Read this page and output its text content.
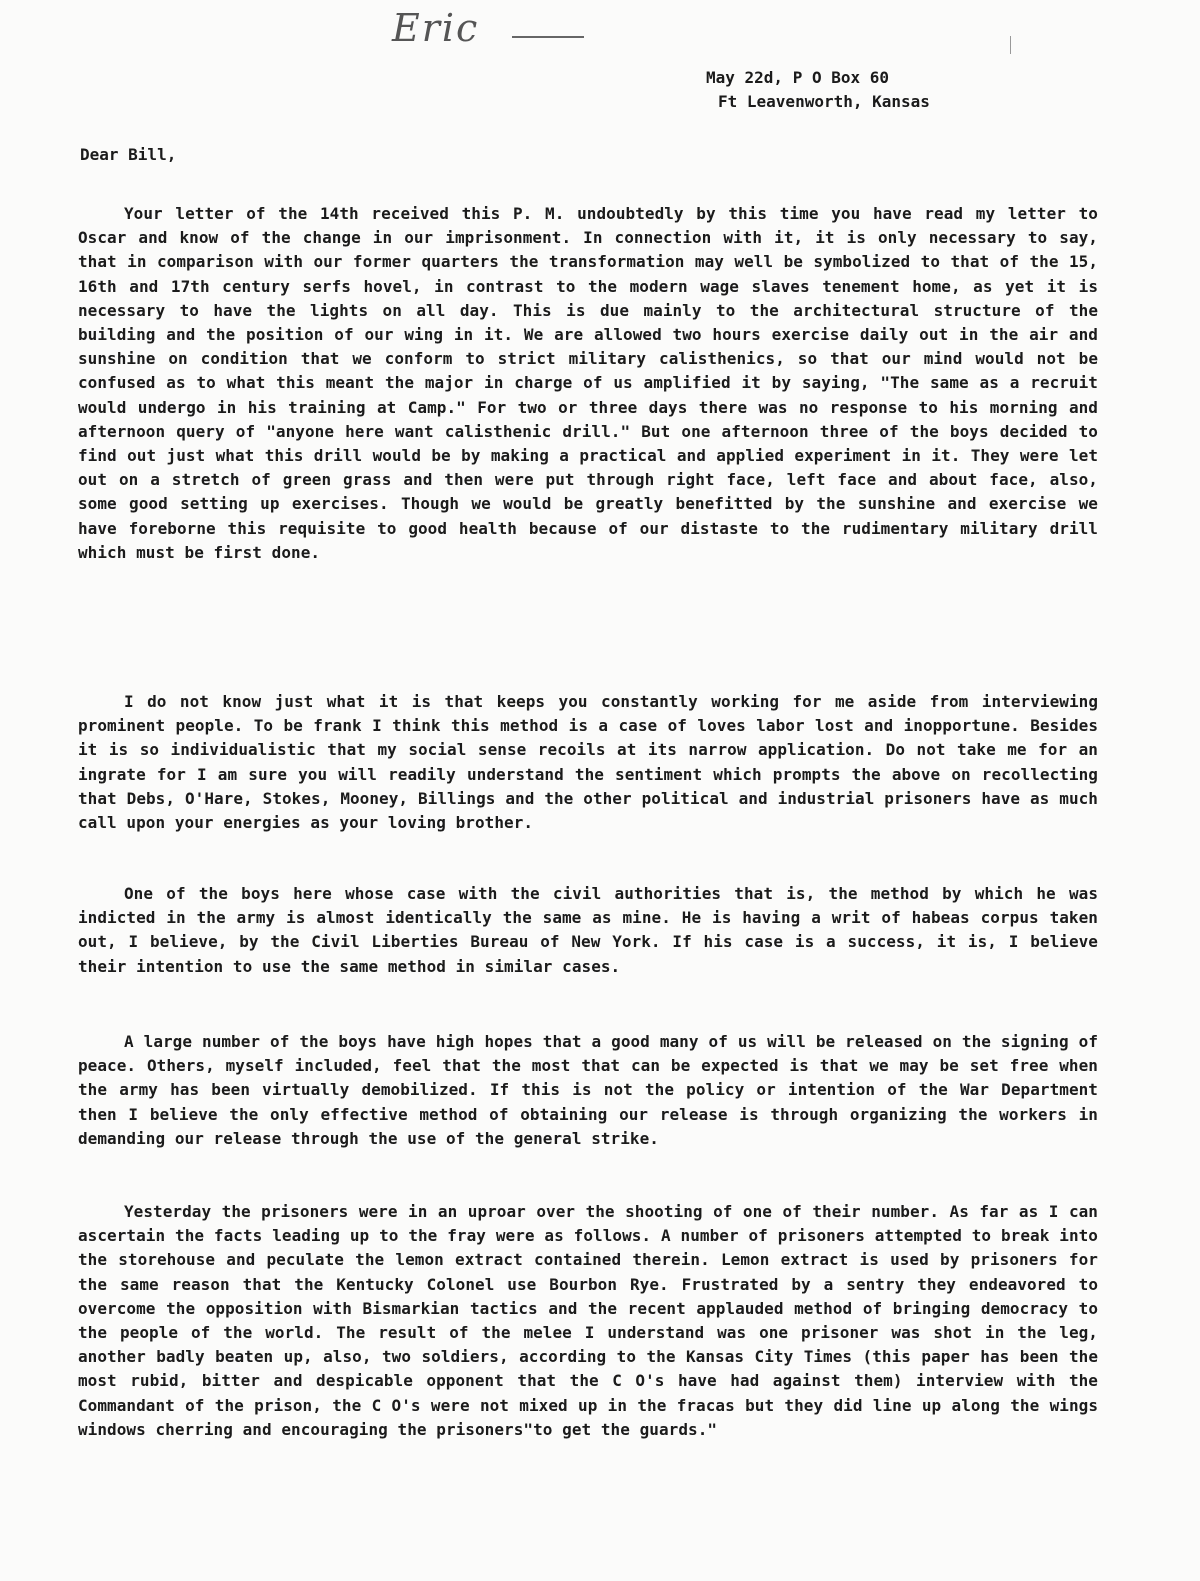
Eric
May 22d, P O Box 60
Ft Leavenworth, Kansas
Dear Bill,

Your letter of the 14th received this P. M. undoubtedly by this time you have read my letter to Oscar and know of the change in our imprisonment. In connection with it, it is only necessary to say, that in comparison with our former quarters the transformation may well be symbolized to that of the 15, 16th and 17th century serfs hovel, in contrast to the modern wage slaves tenement home, as yet it is necessary to have the lights on all day. This is due mainly to the architectural structure of the building and the position of our wing in it. We are allowed two hours exercise daily out in the air and sunshine on condition that we conform to strict military calisthenics, so that our mind would not be confused as to what this meant the major in charge of us amplified it by saying, "The same as a recruit would undergo in his training at Camp." For two or three days there was no response to his morning and afternoon query of "anyone here want calisthenic drill." But one afternoon three of the boys decided to find out just what this drill would be by making a practical and applied experiment in it. They were let out on a stretch of green grass and then were put through right face, left face and about face, also, some good setting up exercises. Though we would be greatly benefitted by the sunshine and exercise we have foreborne this requisite to good health because of our distaste to the rudimentary military drill which must be first done.

I do not know just what it is that keeps you constantly working for me aside from interviewing prominent people. To be frank I think this method is a case of loves labor lost and inopportune. Besides it is so individualistic that my social sense recoils at its narrow application. Do not take me for an ingrate for I am sure you will readily understand the sentiment which prompts the above on recollecting that Debs, O'Hare, Stokes, Mooney, Billings and the other political and industrial prisoners have as much call upon your energies as your loving brother.

One of the boys here whose case with the civil authorities that is, the method by which he was indicted in the army is almost identically the same as mine. He is having a writ of habeas corpus taken out, I believe, by the Civil Liberties Bureau of New York. If his case is a success, it is, I believe their intention to use the same method in similar cases.

A large number of the boys have high hopes that a good many of us will be released on the signing of peace. Others, myself included, feel that the most that can be expected is that we may be set free when the army has been virtually demobilized. If this is not the policy or intention of the War Department then I believe the only effective method of obtaining our release is through organizing the workers in demanding our release through the use of the general strike.

Yesterday the prisoners were in an uproar over the shooting of one of their number. As far as I can ascertain the facts leading up to the fray were as follows. A number of prisoners attempted to break into the storehouse and peculate the lemon extract contained therein. Lemon extract is used by prisoners for the same reason that the Kentucky Colonel use Bourbon Rye. Frustrated by a sentry they endeavored to overcome the opposition with Bismarkian tactics and the recent applauded method of bringing democracy to the people of the world. The result of the melee I understand was one prisoner was shot in the leg, another badly beaten up, also, two soldiers, according to the Kansas City Times (this paper has been the most rubid, bitter and despicable opponent that the C O's have had against them) interview with the Commandant of the prison, the C O's were not mixed up in the fracas but they did line up along the wings windows cherring and encouraging the prisoners"to get the guards."
